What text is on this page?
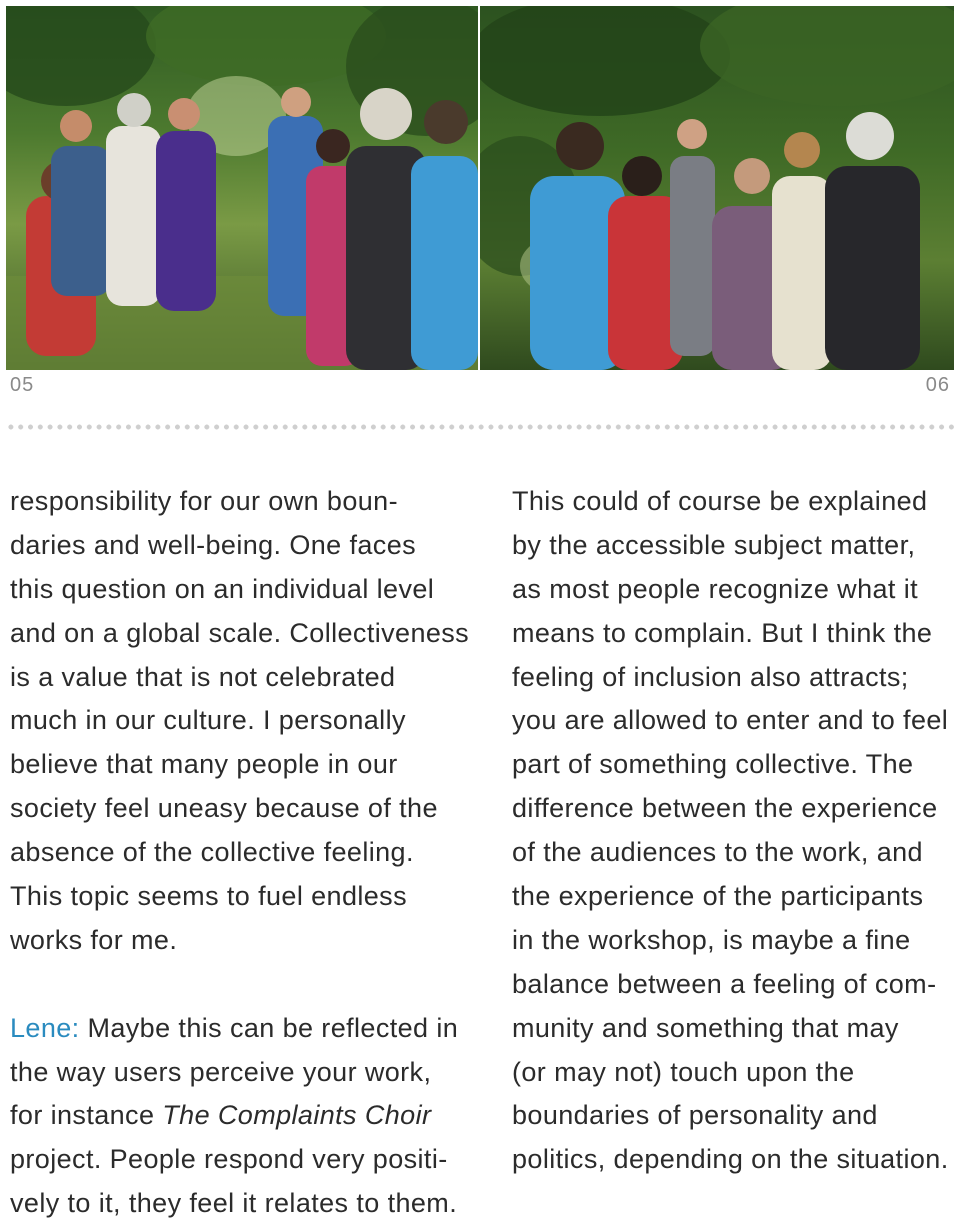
05	06
responsibility for our own boun-
daries and well-being. One faces
this question on an individual level
and on a global scale. Collectiveness
is a value that is not celebrated
much in our culture. I personally
believe that many people in our
society feel uneasy because of the
absence of the collective feeling.
This topic seems to fuel endless
works for me.
Lene: Maybe this can be reflected in
the way users perceive your work,
for instance The Complaints Choir
project. People respond very positi-
vely to it, they feel it relates to them.
This could of course be explained
by the accessible subject matter,
as most people recognize what it
means to complain. But I think the
feeling of inclusion also attracts;
you are allowed to enter and to feel
part of something collective. The
difference between the experience
of the audiences to the work, and
the experience of the participants
in the workshop, is maybe a fine
balance between a feeling of com-
munity and something that may
(or may not) touch upon the
boundaries of personality and
politics, depending on the situation.
